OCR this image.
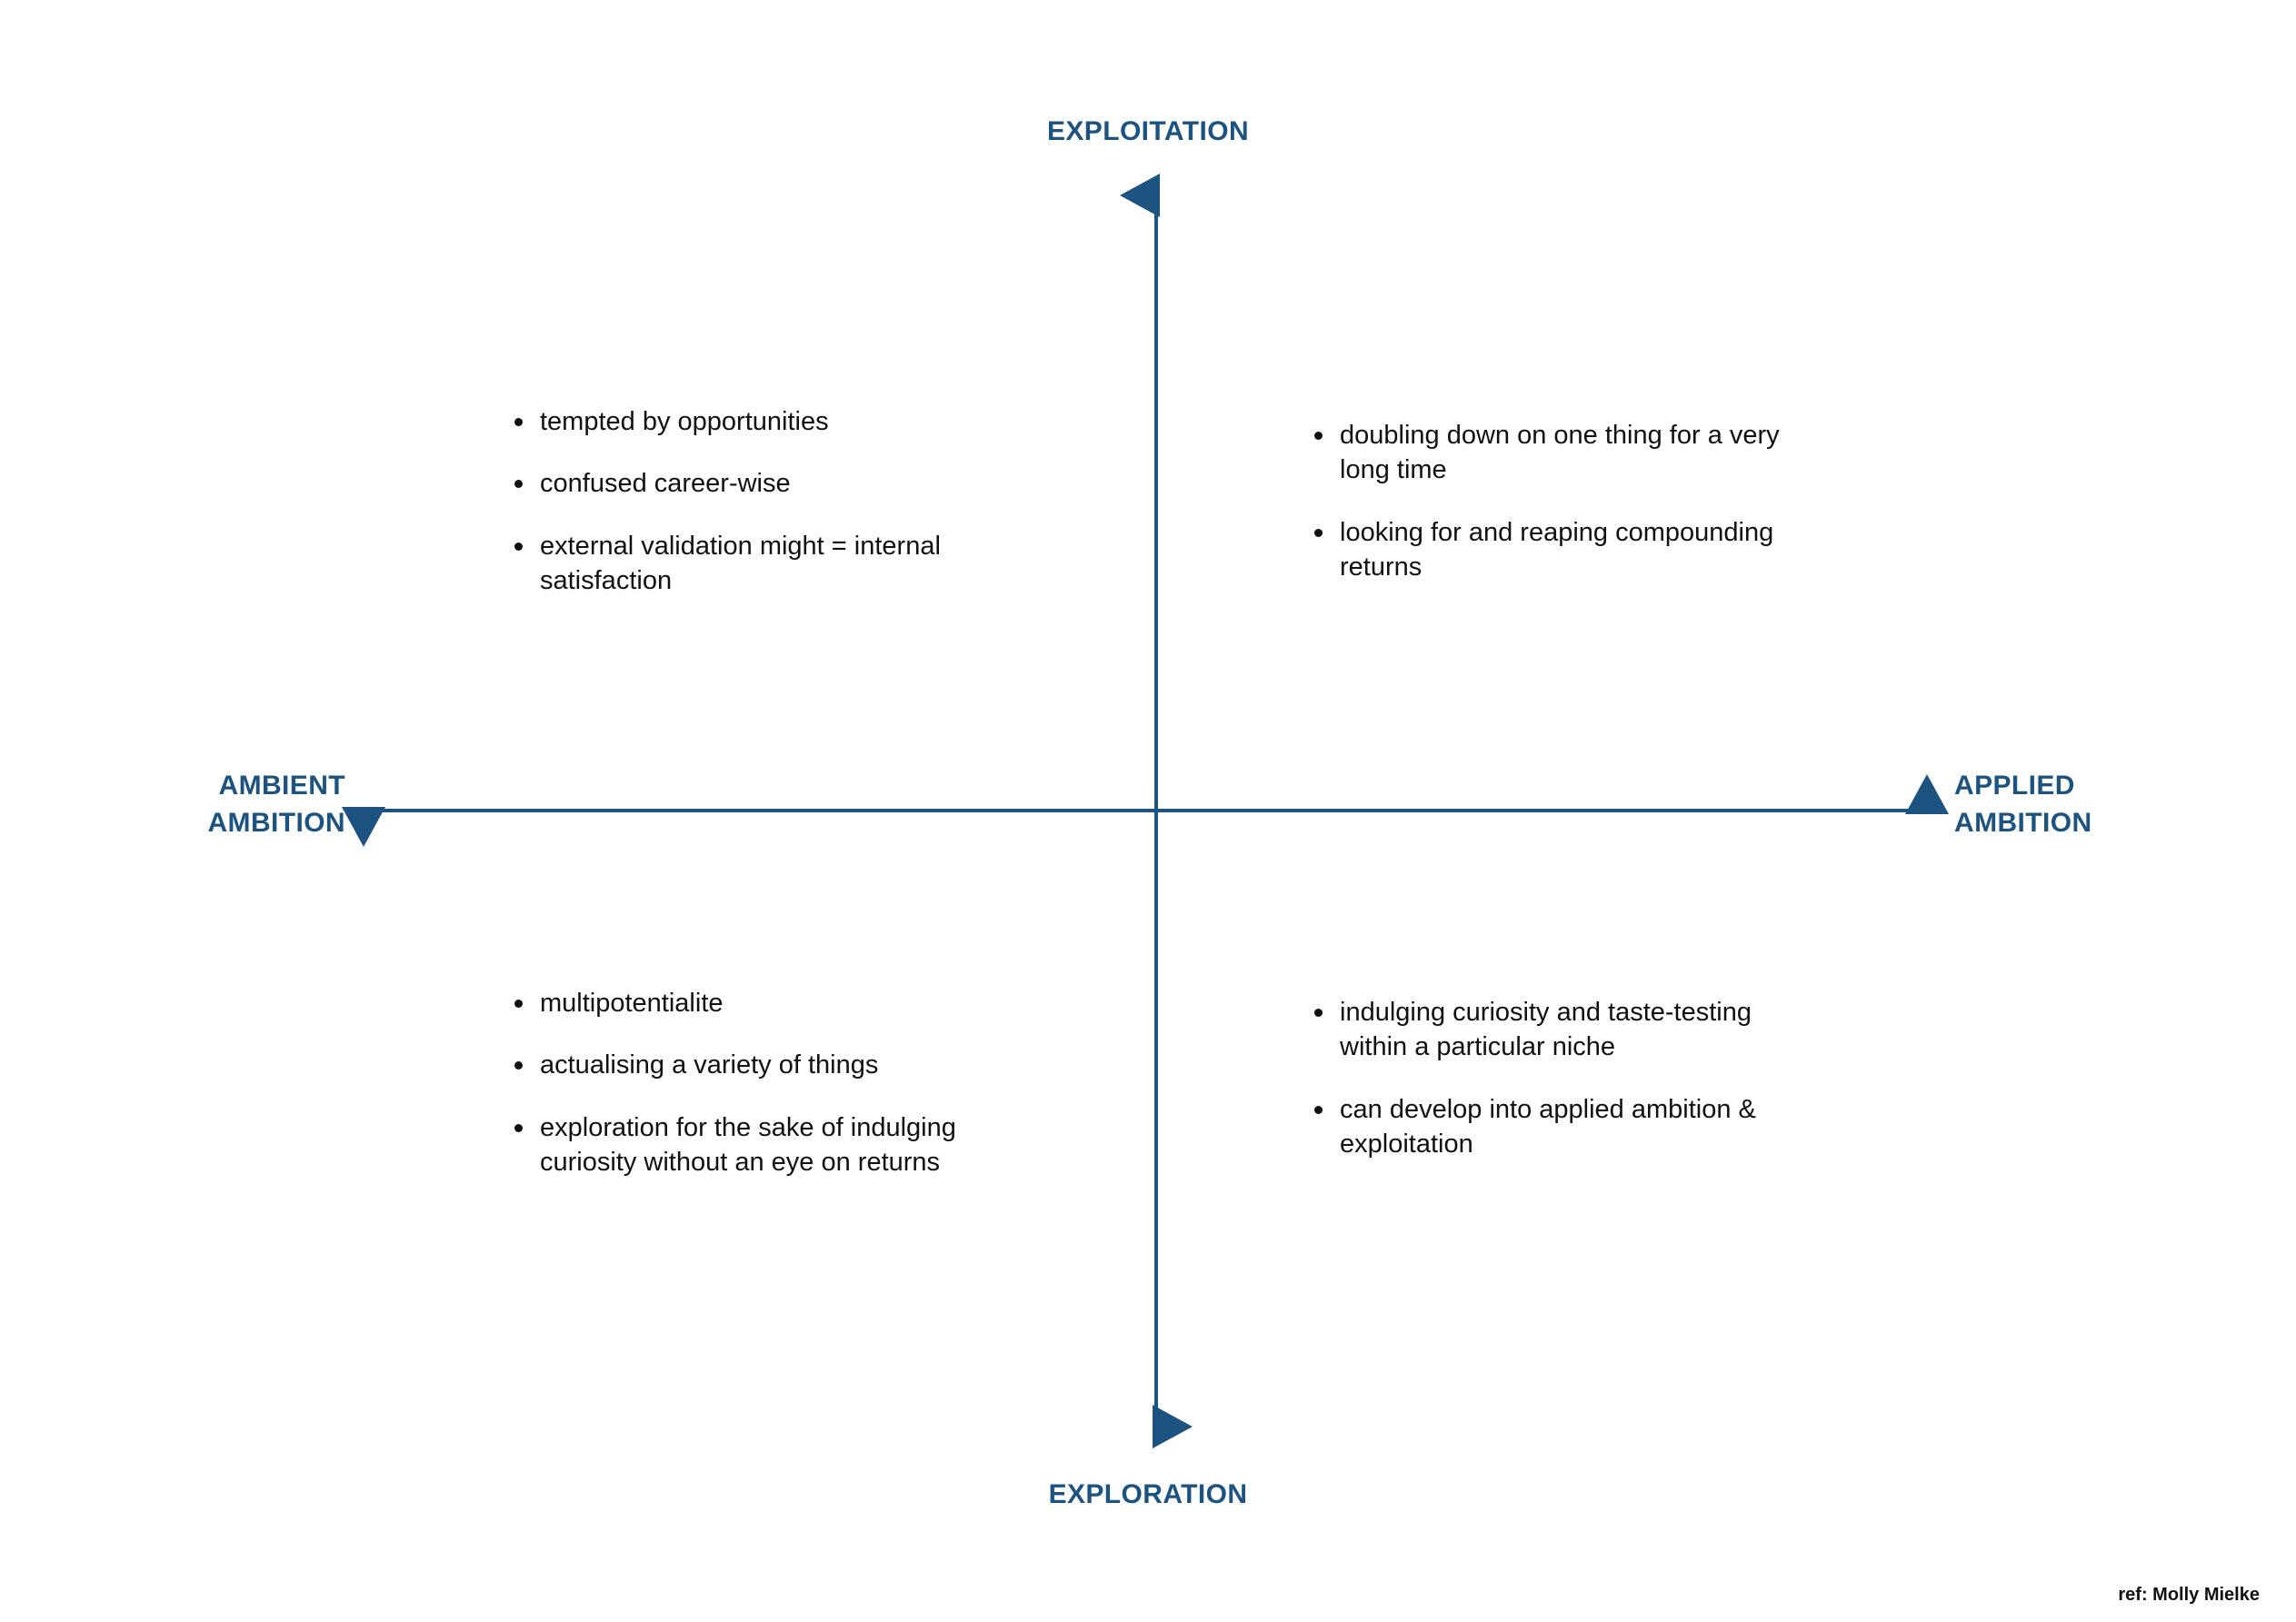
EXPLOITATION
EXPLORATION
AMBIENT
AMBITION
APPLIED
AMBITION
tempted by opportunities
confused career-wise
external validation might = internal satisfaction
doubling down on one thing for a very long time
looking for and reaping compounding returns
multipotentialite
actualising a variety of things
exploration for the sake of indulging curiosity without an eye on returns
indulging curiosity and taste-testing within a particular niche
can develop into applied ambition & exploitation
ref: Molly Mielke
